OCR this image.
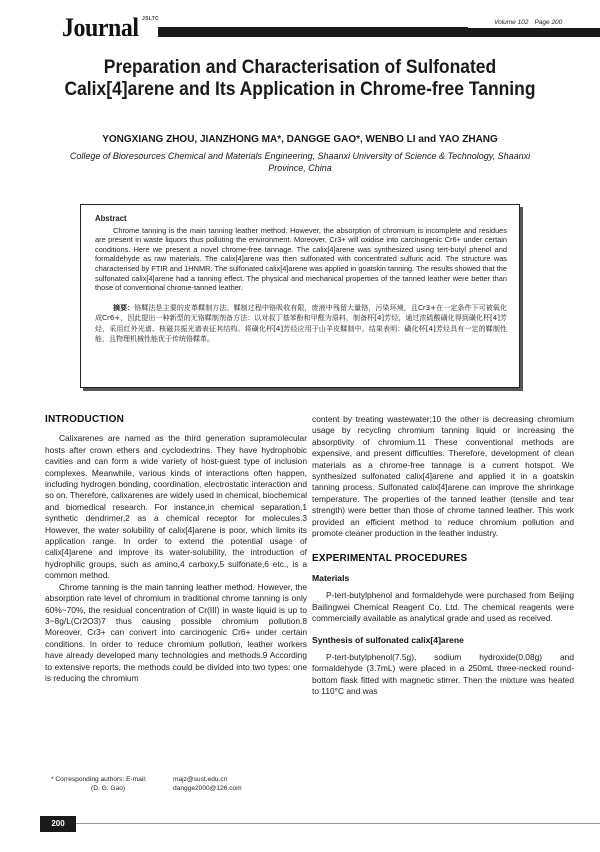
JSLTC
Journal	Volume 102 Page 200
Preparation and Characterisation of Sulfonated Calix[4]arene and Its Application in Chrome-free Tanning
YONGXIANG ZHOU, JIANZHONG MA*, DANGGE GAO*, WENBO LI and YAO ZHANG
College of Bioresources Chemical and Materials Engineering, Shaanxi University of Science & Technology, Shaanxi Province, China
Abstract

Chrome tanning is the main tanning leather method. However, the absorption of chromium is incomplete and residues are present in waste liquors thus polluting the environment. Moreover, Cr3+ will oxidise into carcinogenic Cr6+ under certain conditions. Here we present a novel chrome-free tannage. The calix[4]arene was synthesized using tert-butyl phenol and formaldehyde as raw materials. The calix[4]arene was then sulfonated with concentrated sulfuric acid. The structure was characterised by FTIR and 1HNMR. The sulfonated calix[4]arene was applied in goatskin tanning. The results showed that the sulfonated calix[4]arene had a tanning effect. The physical and mechanical properties of the tanned leather were better than those of conventional chrome-tanned leather.

摘要：铬鞣法是主要的皮革鞣制方法。鞣制过程中铬吸收有限，废液中残留大量铬，污染环境，且Cr3+在一定条件下可被氧化成Cr6+，因此提出一种新型的无铬鞣制剂备方法：以对叔丁基苯酚和甲醛为原料，制备杯[4]芳烃，通过浓硫酸磺化得到磺化杯[4]芳烃，采用红外光谱、核磁共振光谱表征其结构。将磺化杯[4]芳烃应用于山羊皮鞣制中。结果表明：磺化杯[4]芳烃具有一定的鞣制性能，且物理机械性能优于传统铬鞣革。

INTRODUCTION

Calixarenes are named as the third generation supramolecular hosts after crown ethers and cyclodextrins. They have hydrophobic cavities and can form a wide variety of host-guest type of inclusion complexes. Meanwhile, various kinds of interactions often happen, including hydrogen bonding, coordination, electrostatic interaction and so on. Therefore, calixarenes are widely used in chemical, biochemical and biomedical research. For instance,in chemical separation,1 synthetic dendrimer,2 as a chemical receptor for molecules.3 However, the water solubility of calix[4]arene is poor, which limits its application range. In order to extend the potential usage of calix[4]arene and improve its water-solubility, the introduction of hydrophilic groups, such as amino,4 carboxy,5 sulfonate,6 etc., is a common method.

Chrome tanning is the main tanning leather method. However, the absorption rate level of chromium in traditional chrome tanning is only 60%~70%, the residual concentration of Cr(III) in waste liquid is up to 3~8g/L(Cr2O3)7 thus causing possible chromium pollution.8 Moreover, Cr3+ can convert into carcinogenic Cr6+ under certain conditions. In order to reduce chromium pollution, leather workers have already developed many technologies and methods.9 According to extensive reports, the methods could be divided into two types: one is reducing the chromium

content by treating wastewater;10 the other is decreasing chromium usage by recycling chromium tanning liquid or increasing the absorptivity of chromium.11 These conventional methods are expensive, and present difficulties. Therefore, development of clean materials as a chrome-free tannage is a current hotspot. We synthesized sulfonated calix[4]arene and applied it in a goatskin tanning process. Sulfonated calix[4]arene can improve the shrinkage temperature. The properties of the tanned leather (tensile and tear strength) were better than those of chrome tanned leather. This work provided an efficient method to reduce chromium pollution and promote cleaner production in the leather industry.

EXPERIMENTAL PROCEDURES
Materials

P-tert-butylphenol and formaldehyde were purchased from Beijing Bailingwei Chemical Reagent Co. Ltd. The chemical reagents were commercially available as analytical grade and used as received.

Synthesis of sulfonated calix[4]arene

P-tert-butylphenol(7.5g), sodium hydroxide(0.08g) and formaldehyde (3.7mL) were placed in a 250mL three-necked round-bottom flask fitted with magnetic stirrer. Then the mixture was heated to 110°C and was

* Corresponding authors: E-mail:	majz@sust.edu.cn
(D. G. Gao)	dangge2000@126.com
200
